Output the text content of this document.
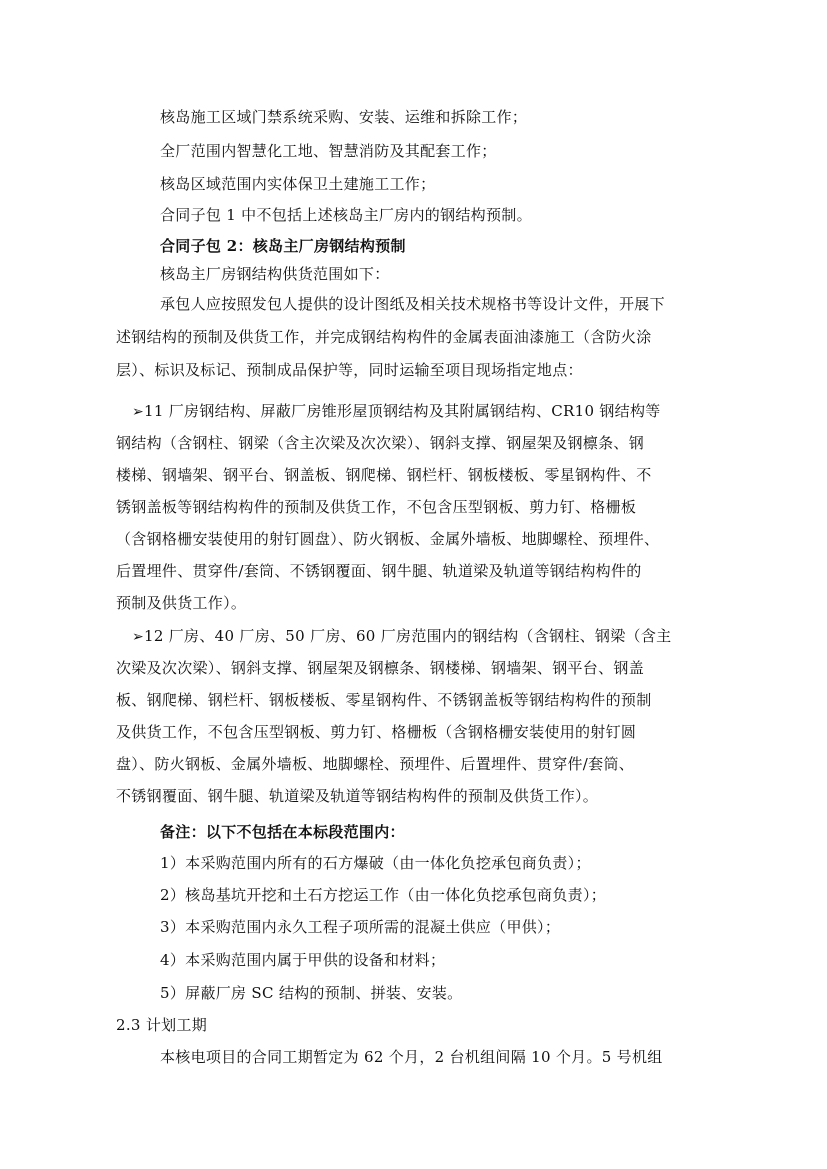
核岛施工区域门禁系统采购、安装、运维和拆除工作；
全厂范围内智慧化工地、智慧消防及其配套工作；
核岛区域范围内实体保卫土建施工工作；
合同子包 1 中不包括上述核岛主厂房内的钢结构预制。
合同子包 2：核岛主厂房钢结构预制
核岛主厂房钢结构供货范围如下：
承包人应按照发包人提供的设计图纸及相关技术规格书等设计文件，开展下
述钢结构的预制及供货工作，并完成钢结构构件的金属表面油漆施工（含防火涂
层）、标识及标记、预制成品保护等，同时运输至项目现场指定地点：
➢11 厂房钢结构、屏蔽厂房锥形屋顶钢结构及其附属钢结构、CR10 钢结构等
钢结构（含钢柱、钢梁（含主次梁及次次梁）、钢斜支撑、钢屋架及钢檩条、钢
楼梯、钢墙架、钢平台、钢盖板、钢爬梯、钢栏杆、钢板楼板、零星钢构件、不
锈钢盖板等钢结构构件的预制及供货工作，不包含压型钢板、剪力钉、格栅板
（含钢格栅安装使用的射钉圆盘）、防火钢板、金属外墙板、地脚螺栓、预埋件、
后置埋件、贯穿件/套筒、不锈钢覆面、钢牛腿、轨道梁及轨道等钢结构构件的
预制及供货工作）。
➢12 厂房、40 厂房、50 厂房、60 厂房范围内的钢结构（含钢柱、钢梁（含主
次梁及次次梁）、钢斜支撑、钢屋架及钢檩条、钢楼梯、钢墙架、钢平台、钢盖
板、钢爬梯、钢栏杆、钢板楼板、零星钢构件、不锈钢盖板等钢结构构件的预制
及供货工作，不包含压型钢板、剪力钉、格栅板（含钢格栅安装使用的射钉圆
盘）、防火钢板、金属外墙板、地脚螺栓、预埋件、后置埋件、贯穿件/套筒、
不锈钢覆面、钢牛腿、轨道梁及轨道等钢结构构件的预制及供货工作）。
备注：以下不包括在本标段范围内：
1）本采购范围内所有的石方爆破（由一体化负挖承包商负责）；
2）核岛基坑开挖和土石方挖运工作（由一体化负挖承包商负责）；
3）本采购范围内永久工程子项所需的混凝土供应（甲供）；
4）本采购范围内属于甲供的设备和材料；
5）屏蔽厂房 SC 结构的预制、拼装、安装。
2.3 计划工期
本核电项目的合同工期暂定为 62 个月，2 台机组间隔 10 个月。5 号机组
